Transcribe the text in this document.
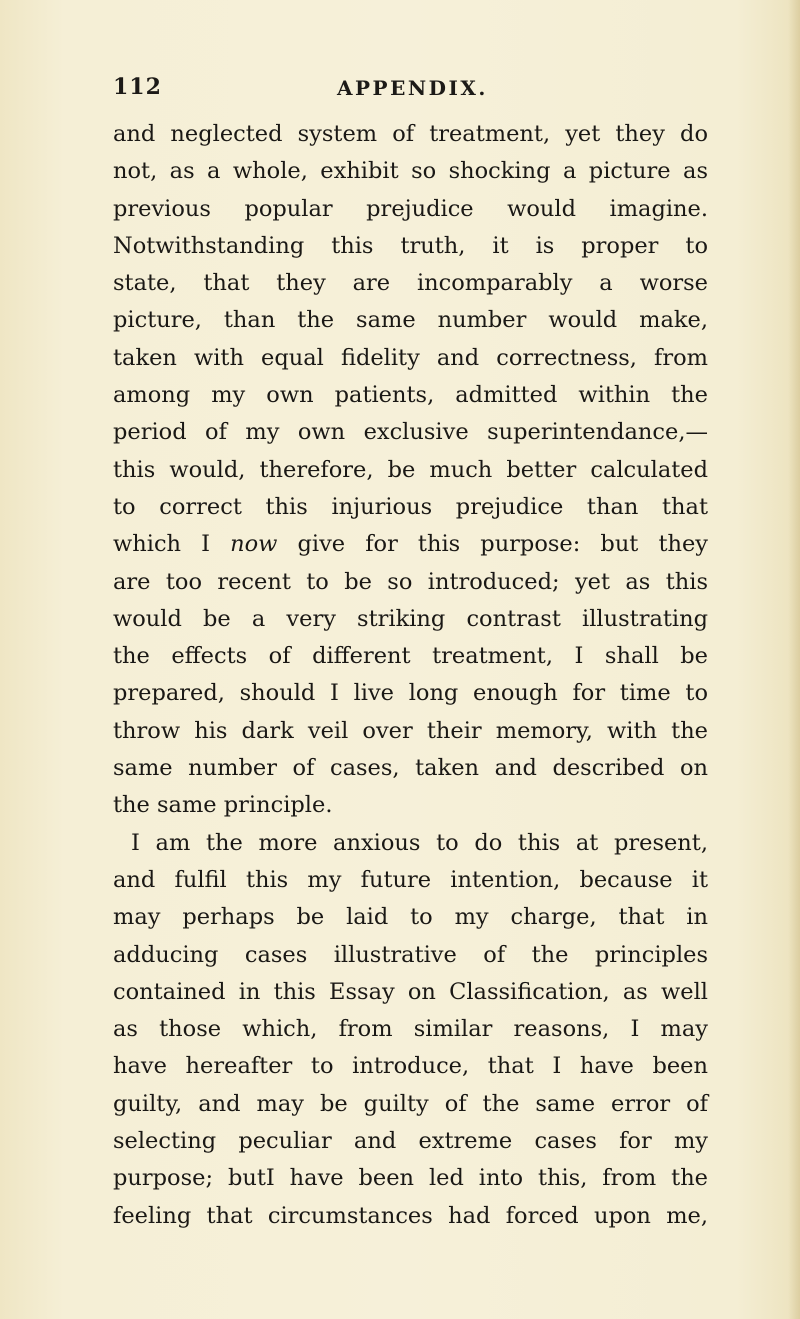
112	APPENDIX.
and neglected system of treatment, yet they do
not, as a whole, exhibit so shocking a picture as
previous popular prejudice would imagine.
Notwithstanding this truth, it is proper to
state, that they are incomparably a worse
picture, than the same number would make,
taken with equal fidelity and correctness, from
among my own patients, admitted within the
period of my own exclusive superintendance,—
this would, therefore, be much better calculated
to correct this injurious prejudice than that
which I now give for this purpose: but they
are too recent to be so introduced; yet as this
would be a very striking contrast illustrating
the effects of different treatment, I shall be
prepared, should I live long enough for time to
throw his dark veil over their memory, with the
same number of cases, taken and described on
the same principle.
I am the more anxious to do this at present,
and fulfil this my future intention, because it
may perhaps be laid to my charge, that in
adducing cases illustrative of the principles
contained in this Essay on Classification, as well
as those which, from similar reasons, I may
have hereafter to introduce, that I have been
guilty, and may be guilty of the same error of
selecting peculiar and extreme cases for my
purpose; butI have been led into this, from the
feeling that circumstances had forced upon me,
